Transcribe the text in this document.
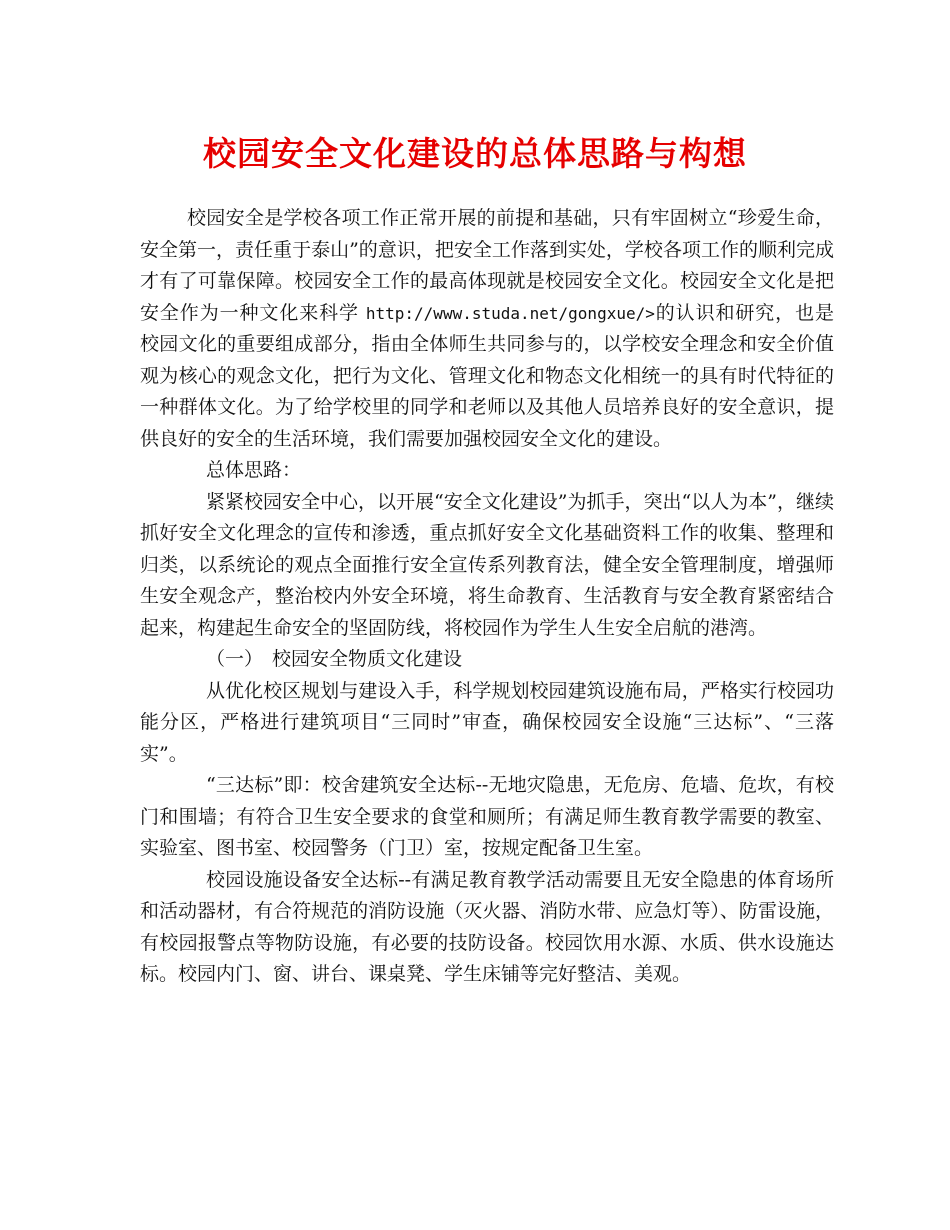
校园安全文化建设的总体思路与构想

校园安全是学校各项工作正常开展的前提和基础，只有牢固树立“珍爱生命，安全第一，责任重于泰山”的意识，把安全工作落到实处，学校各项工作的顺利完成才有了可靠保障。校园安全工作的最高体现就是校园安全文化。校园安全文化是把安全作为一种文化来科学 http://www.studa.net/gongxue/>的认识和研究，也是校园文化的重要组成部分，指由全体师生共同参与的，以学校安全理念和安全价值观为核心的观念文化，把行为文化、管理文化和物态文化相统一的具有时代特征的一种群体文化。为了给学校里的同学和老师以及其他人员培养良好的安全意识，提供良好的安全的生活环境，我们需要加强校园安全文化的建设。

总体思路：

紧紧校园安全中心，以开展“安全文化建设”为抓手，突出“以人为本”，继续抓好安全文化理念的宣传和渗透，重点抓好安全文化基础资料工作的收集、整理和归类，以系统论的观点全面推行安全宣传系列教育法，健全安全管理制度，增强师生安全观念产，整治校内外安全环境，将生命教育、生活教育与安全教育紧密结合起来，构建起生命安全的坚固防线，将校园作为学生人生安全启航的港湾。

（一） 校园安全物质文化建设

从优化校区规划与建设入手，科学规划校园建筑设施布局，严格实行校园功能分区，严格进行建筑项目“三同时”审查，确保校园安全设施“三达标”、“三落实”。

“三达标”即：校舍建筑安全达标--无地灾隐患，无危房、危墙、危坎，有校门和围墙；有符合卫生安全要求的食堂和厕所；有满足师生教育教学需要的教室、实验室、图书室、校园警务（门卫）室，按规定配备卫生室。

校园设施设备安全达标--有满足教育教学活动需要且无安全隐患的体育场所和活动器材，有合符规范的消防设施（灭火器、消防水带、应急灯等）、防雷设施，有校园报警点等物防设施，有必要的技防设备。校园饮用水源、水质、供水设施达标。校园内门、窗、讲台、课桌凳、学生床铺等完好整洁、美观。
